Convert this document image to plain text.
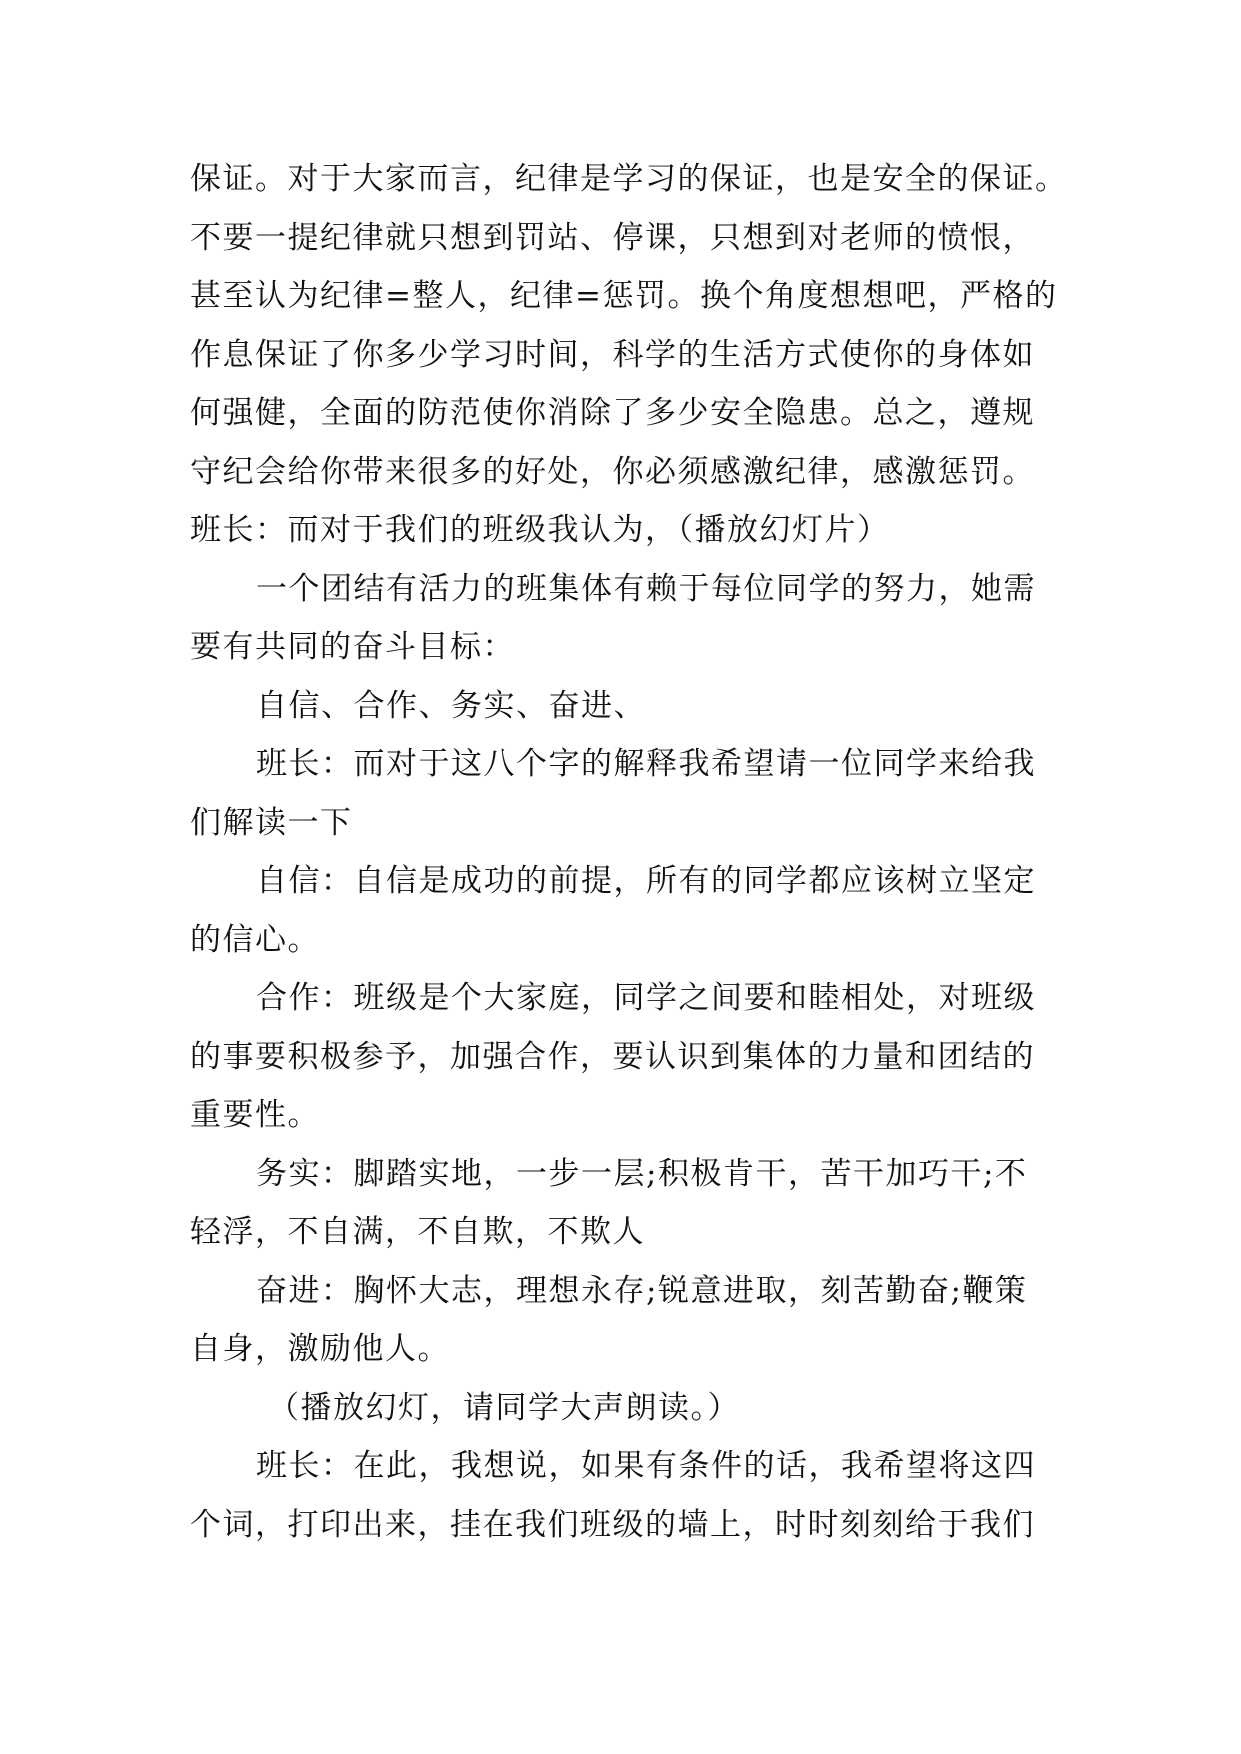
保证。对于大家而言，纪律是学习的保证，也是安全的保证。
不要一提纪律就只想到罚站、停课，只想到对老师的愤恨，
甚至认为纪律=整人，纪律=惩罚。换个角度想想吧，严格的
作息保证了你多少学习时间，科学的生活方式使你的身体如
何强健，全面的防范使你消除了多少安全隐患。总之，遵规
守纪会给你带来很多的好处，你必须感激纪律，感激惩罚。
班长：而对于我们的班级我认为，（播放幻灯片）
一个团结有活力的班集体有赖于每位同学的努力，她需
要有共同的奋斗目标：
自信、合作、务实、奋进、
班长：而对于这八个字的解释我希望请一位同学来给我
们解读一下
自信：自信是成功的前提，所有的同学都应该树立坚定
的信心。
合作：班级是个大家庭，同学之间要和睦相处，对班级
的事要积极参予，加强合作，要认识到集体的力量和团结的
重要性。
务实：脚踏实地，一步一层;积极肯干，苦干加巧干;不
轻浮，不自满，不自欺，不欺人
奋进：胸怀大志，理想永存;锐意进取，刻苦勤奋;鞭策
自身，激励他人。
（播放幻灯，请同学大声朗读。）
班长：在此，我想说，如果有条件的话，我希望将这四
个词，打印出来，挂在我们班级的墙上，时时刻刻给于我们
